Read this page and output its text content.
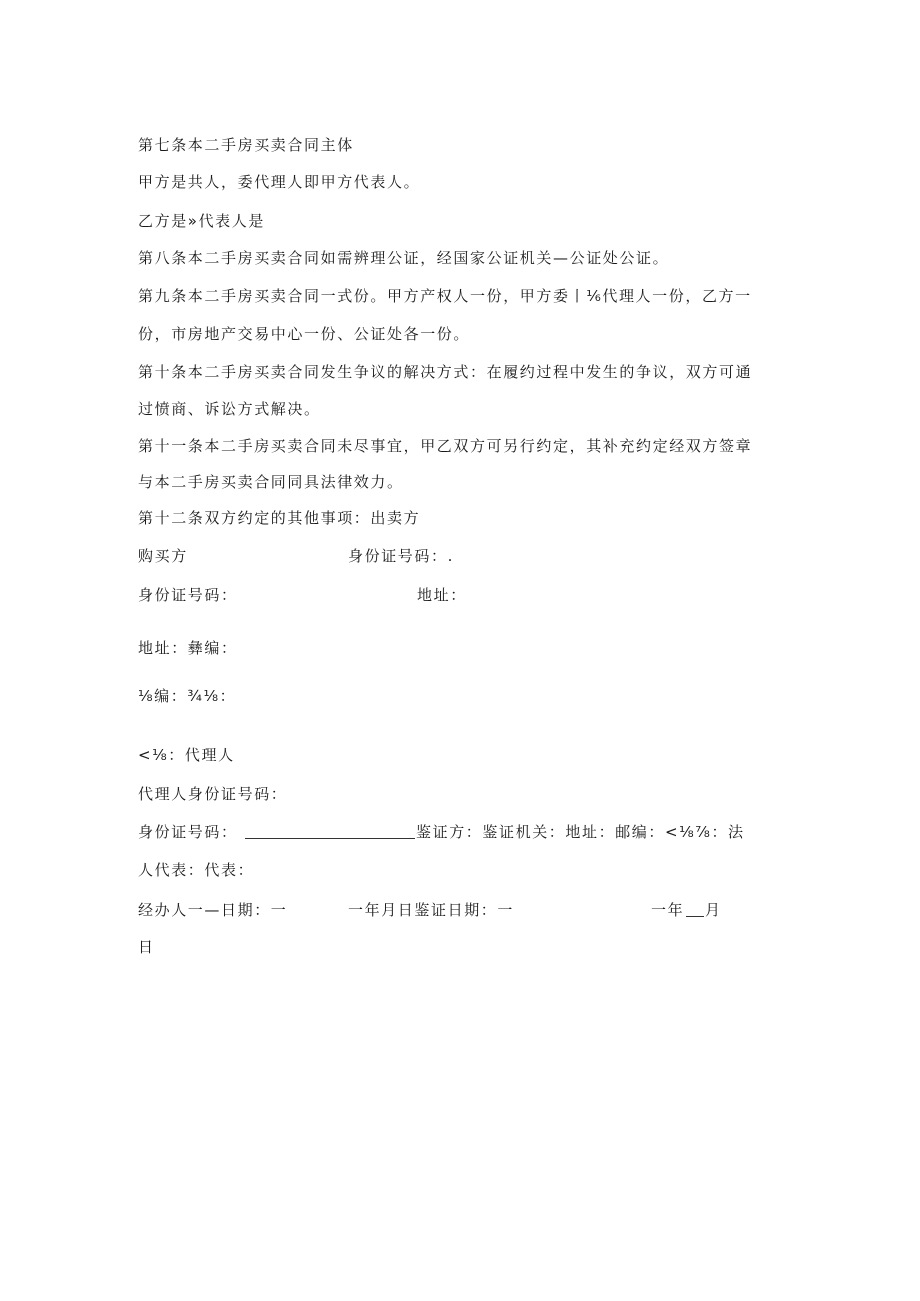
第七条本二手房买卖合同主体
甲方是共人，委代理人即甲方代表人。
乙方是»代表人是
第八条本二手房买卖合同如需辨理公证，经国家公证机关—公证处公证。
第九条本二手房买卖合同一式份。甲方产权人一份，甲方委丨⅙代理人一份，乙方一
份，市房地产交易中心一份、公证处各一份。
第十条本二手房买卖合同发生争议的解决方式：在履约过程中发生的争议，双方可通
过愤商、诉讼方式解决。
第十一条本二手房买卖合同未尽事宜，甲乙双方可另行约定，其补充约定经双方签章
与本二手房买卖合同同具法律效力。
第十二条双方约定的其他事项：出卖方
购买方	身份证号码：.
身份证号码：	地址：
地址：彝编：
⅛编：¾⅛：
<⅛：代理人
代理人身份证号码：
身份证号码：	鉴证方：鉴证机关：地址：邮编：<⅛⅞：法
人代表：代表：
经办人一—日期：一	一年月日鉴证日期：一	一年 月
日
